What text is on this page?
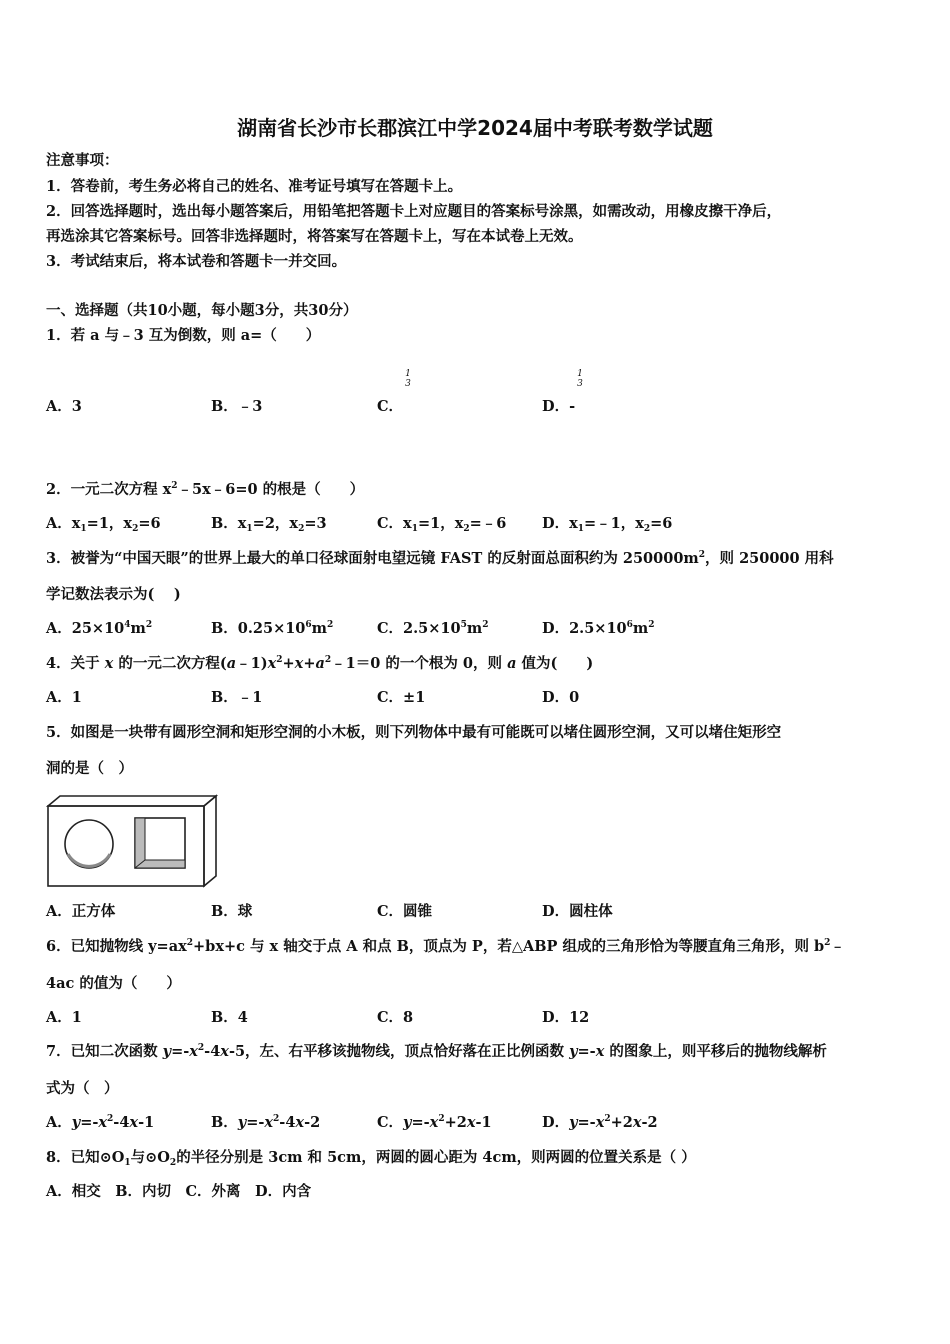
湖南省长沙市长郡滨江中学2024届中考联考数学试题
注意事项：
1．答卷前，考生务必将自己的姓名、准考证号填写在答题卡上。
2．回答选择题时，选出每小题答案后，用铅笔把答题卡上对应题目的答案标号涂黑，如需改动，用橡皮擦干净后，
再选涂其它答案标号。回答非选择题时，将答案写在答题卡上，写在本试卷上无效。
3．考试结束后，将本试卷和答题卡一并交回。
一、选择题（共10小题，每小题3分，共30分）
1．若 a 与﹣3 互为倒数，则 a=（　　）
A．3	B．﹣3	C．
1
3
D．-
1
3
2．一元二次方程 $x^2﹣5x﹣6=0$ 的根是（　　）
A．$x_1=1$，$x_2=6$	B．$x_1=2$，$x_2=3$	C．$x_1=1$，$x_2=﹣6$ D．$x_1=﹣1$，$x_2=6$
3．被誉为“中国天眼”的世界上最大的单口径球面射电望远镜 FAST 的反射面总面积约为 $250000m^2$，则 250000 用科
学记数法表示为(　 )
A．$25\times 10^4m^2$	B．$0.25\times 10^6m^2$	C．$2.5\times 10^5m^2$	D．$2.5\times 10^6m^2$
4．关于 x 的一元二次方程$(a﹣1)x^2+x+a^2﹣1=0$ 的一个根为 0，则 a 值为(　　)
A．1	B．﹣1	C．±1	D．0
5．如图是一块带有圆形空洞和矩形空洞的小木板，则下列物体中最有可能既可以堵住圆形空洞，又可以堵住矩形空
洞的是（　）
A．正方体	B．球	C．圆锥	D．圆柱体
6．已知抛物线 $y=ax^2+bx+c$ 与 x 轴交于点 A 和点 B，顶点为 P，若△ABP 组成的三角形恰为等腰直角三角形，则 $b^2﹣$
4ac 的值为（　　）
A．1	B．4	C．8	D．12
7．已知二次函数 $y=-x^2-4x-5$，左、右平移该抛物线，顶点恰好落在正比例函数 y=-x 的图象上，则平移后的抛物线解析
式为（　）
A．$y=-x^2-4x-1$	B．$y=-x^2-4x-2$	C．$y=-x^2+2x-1$	D．$y=-x^2+2x-2$
8．已知$⊙O_1$与$⊙O_2$的半径分别是 3cm 和 5cm，两圆的圆心距为 4cm，则两圆的位置关系是（ ）
A．相交　B．内切　C．外离　D．内含
